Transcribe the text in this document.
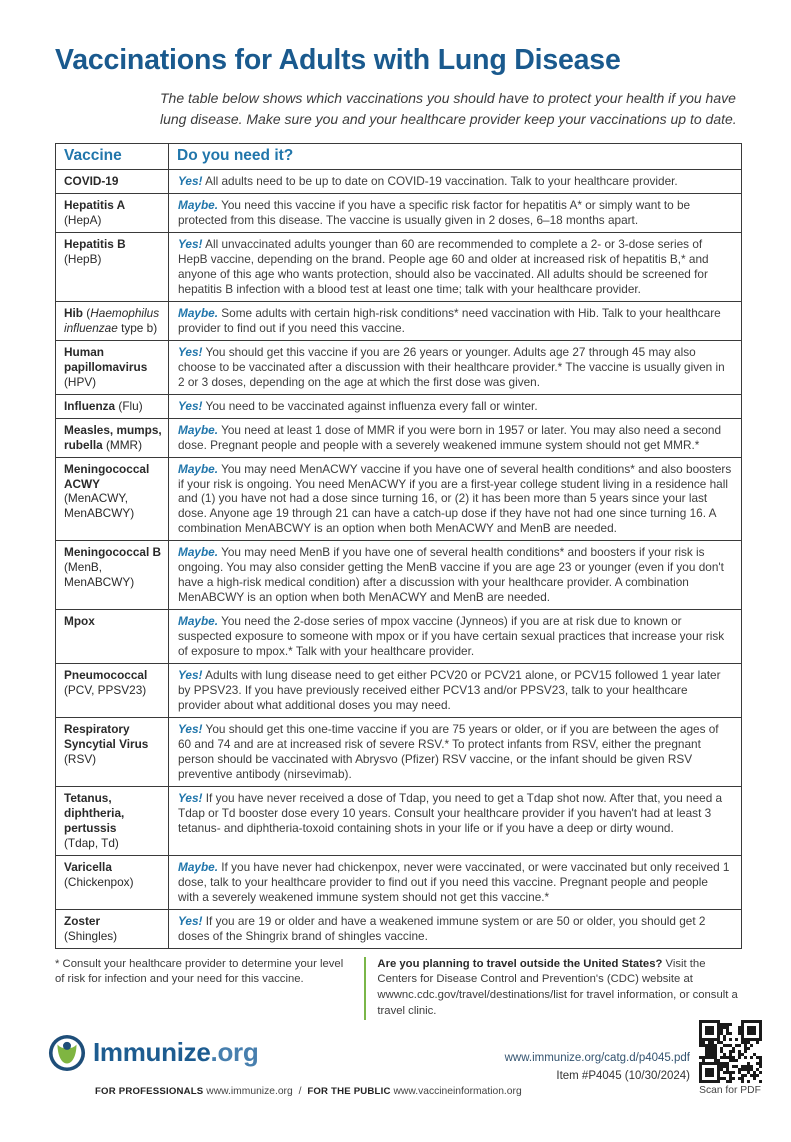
Vaccinations for Adults with Lung Disease

The table below shows which vaccinations you should have to protect your health if you have lung disease. Make sure you and your healthcare provider keep your vaccinations up to date.

Vaccine	Do you need it?
COVID-19	Yes! All adults need to be up to date on COVID-19 vaccination. Talk to your healthcare provider.
Hepatitis A
(HepA)	Maybe. You need this vaccine if you have a specific risk factor for hepatitis A* or simply want to be protected from this disease. The vaccine is usually given in 2 doses, 6–18 months apart.
Hepatitis B
(HepB)	Yes! All unvaccinated adults younger than 60 are recommended to complete a 2- or 3-dose series of HepB vaccine, depending on the brand. People age 60 and older at increased risk of hepatitis B,* and anyone of this age who wants protection, should also be vaccinated. All adults should be screened for hepatitis B infection with a blood test at least one time; talk with your healthcare provider.
Hib (Haemophilus influenzae type b)	Maybe. Some adults with certain high-risk conditions* need vaccination with Hib. Talk to your healthcare provider to find out if you need this vaccine.
Human papillomavirus
(HPV)	Yes! You should get this vaccine if you are 26 years or younger. Adults age 27 through 45 may also choose to be vaccinated after a discussion with their healthcare provider.* The vaccine is usually given in 2 or 3 doses, depending on the age at which the first dose was given.
Influenza (Flu)	Yes! You need to be vaccinated against influenza every fall or winter.
Measles, mumps, rubella (MMR)	Maybe. You need at least 1 dose of MMR if you were born in 1957 or later. You may also need a second dose. Pregnant people and people with a severely weakened immune system should not get MMR.*
Meningococcal ACWY
(MenACWY, MenABCWY)	Maybe. You may need MenACWY vaccine if you have one of several health conditions* and also boosters if your risk is ongoing. You need MenACWY if you are a first-year college student living in a residence hall and (1) you have not had a dose since turning 16, or (2) it has been more than 5 years since your last dose. Anyone age 19 through 21 can have a catch-up dose if they have not had one since turning 16. A combination MenABCWY is an option when both MenACWY and MenB are needed.
Meningococcal B
(MenB, MenABCWY)	Maybe. You may need MenB if you have one of several health conditions* and boosters if your risk is ongoing. You may also consider getting the MenB vaccine if you are age 23 or younger (even if you don't have a high-risk medical condition) after a discussion with your healthcare provider. A combination MenABCWY is an option when both MenACWY and MenB are needed.
Mpox	Maybe. You need the 2-dose series of mpox vaccine (Jynneos) if you are at risk due to known or suspected exposure to someone with mpox or if you have certain sexual practices that increase your risk of exposure to mpox.* Talk with your healthcare provider.
Pneumococcal
(PCV, PPSV23)	Yes! Adults with lung disease need to get either PCV20 or PCV21 alone, or PCV15 followed 1 year later by PPSV23. If you have previously received either PCV13 and/or PPSV23, talk to your healthcare provider about what additional doses you may need.
Respiratory Syncytial Virus
(RSV)	Yes! You should get this one-time vaccine if you are 75 years or older, or if you are between the ages of 60 and 74 and are at increased risk of severe RSV.* To protect infants from RSV, either the pregnant person should be vaccinated with Abrysvo (Pfizer) RSV vaccine, or the infant should be given RSV preventive antibody (nirsevimab).
Tetanus, diphtheria, pertussis
(Tdap, Td)	Yes! If you have never received a dose of Tdap, you need to get a Tdap shot now. After that, you need a Tdap or Td booster dose every 10 years. Consult your healthcare provider if you haven't had at least 3 tetanus- and diphtheria-toxoid containing shots in your life or if you have a deep or dirty wound.
Varicella
(Chickenpox)	Maybe. If you have never had chickenpox, never were vaccinated, or were vaccinated but only received 1 dose, talk to your healthcare provider to find out if you need this vaccine. Pregnant people and people with a severely weakened immune system should not get this vaccine.*
Zoster
(Shingles)	Yes! If you are 19 or older and have a weakened immune system or are 50 or older, you should get 2 doses of the Shingrix brand of shingles vaccine.
* Consult your healthcare provider to determine your level of risk for infection and your need for this vaccine.
Are you planning to travel outside the United States? Visit the Centers for Disease Control and Prevention's (CDC) website at wwwnc.cdc.gov/travel/destinations/list for travel information, or consult a travel clinic.
Immunize.org
FOR PROFESSIONALS www.immunize.org / FOR THE PUBLIC www.vaccineinformation.org
www.immunize.org/catg.d/p4045.pdf
Item #P4045 (10/30/2024)
Scan for PDF
